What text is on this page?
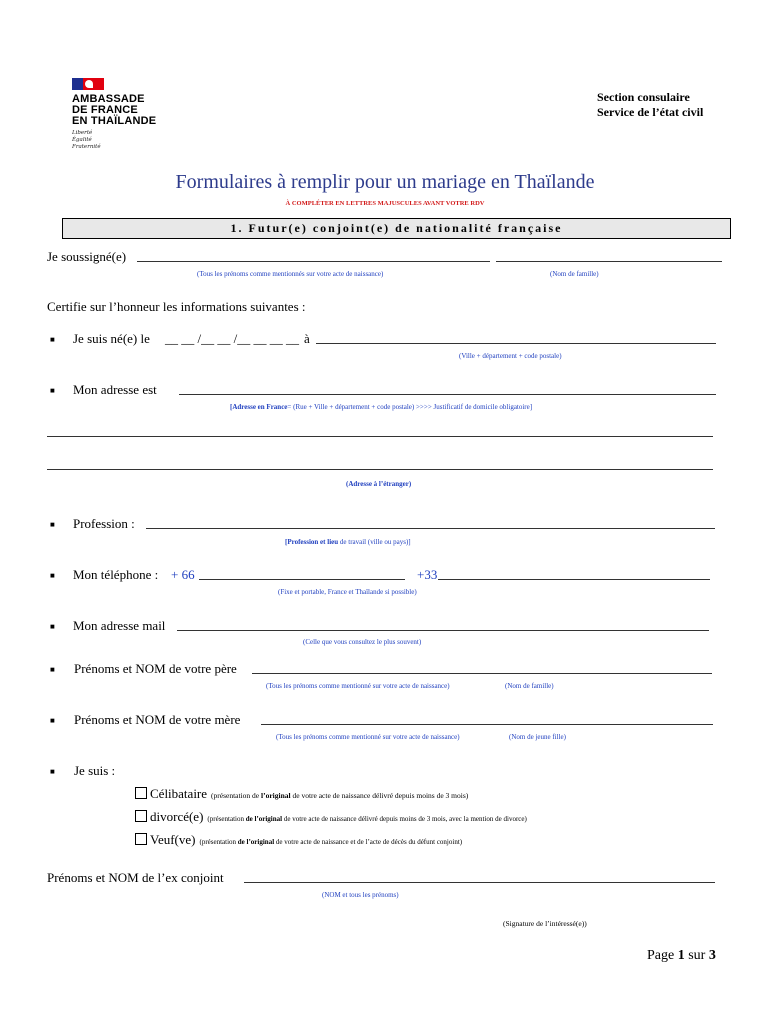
AMBASSADE
DE FRANCE
EN THAÏLANDE
Liberté
Égalité
Fraternité
Section consulaire
Service de l’état civil
Formulaires à remplir pour un mariage en Thaïlande
À COMPLÉTER EN LETTRES MAJUSCULES AVANT VOTRE RDV
1. Futur(e) conjoint(e) de nationalité française
Je soussigné(e)
(Tous les prénoms comme mentionnés sur votre acte de naissance)	(Nom de famille)
Certifie sur l’honneur les informations suivantes :
■ Je suis né(e) le __ __ /__ __ /__ __ __ __ à
(Ville + département + code postale)
■ Mon adresse est
[Adresse en France= (Rue + Ville + département + code postale) >>>> Justificatif de domicile obligatoire]
(Adresse à l’étranger)
■ Profession :
[Profession et lieu de travail (ville ou pays)]
■ Mon téléphone : + 66	+33
(Fixe et portable, France et Thaïlande si possible)
■ Mon adresse mail
(Celle que vous consultez le plus souvent)
■ Prénoms et NOM de votre père
(Tous les prénoms comme mentionné sur votre acte de naissance)	(Nom de famille)
■ Prénoms et NOM de votre mère
(Tous les prénoms comme mentionné sur votre acte de naissance)	(Nom de jeune fille)
■ Je suis :
Célibataire (présentation de l’original de votre acte de naissance délivré depuis moins de 3 mois)
divorcé(e) (présentation de l’original de votre acte de naissance délivré depuis moins de 3 mois, avec la mention de divorce)
Veuf(ve) (présentation de l’original de votre acte de naissance et de l’acte de décès du défunt conjoint)
Prénoms et NOM de l’ex conjoint
(NOM et tous les prénoms)
(Signature de l’intéressé(e))
Page 1 sur 3
